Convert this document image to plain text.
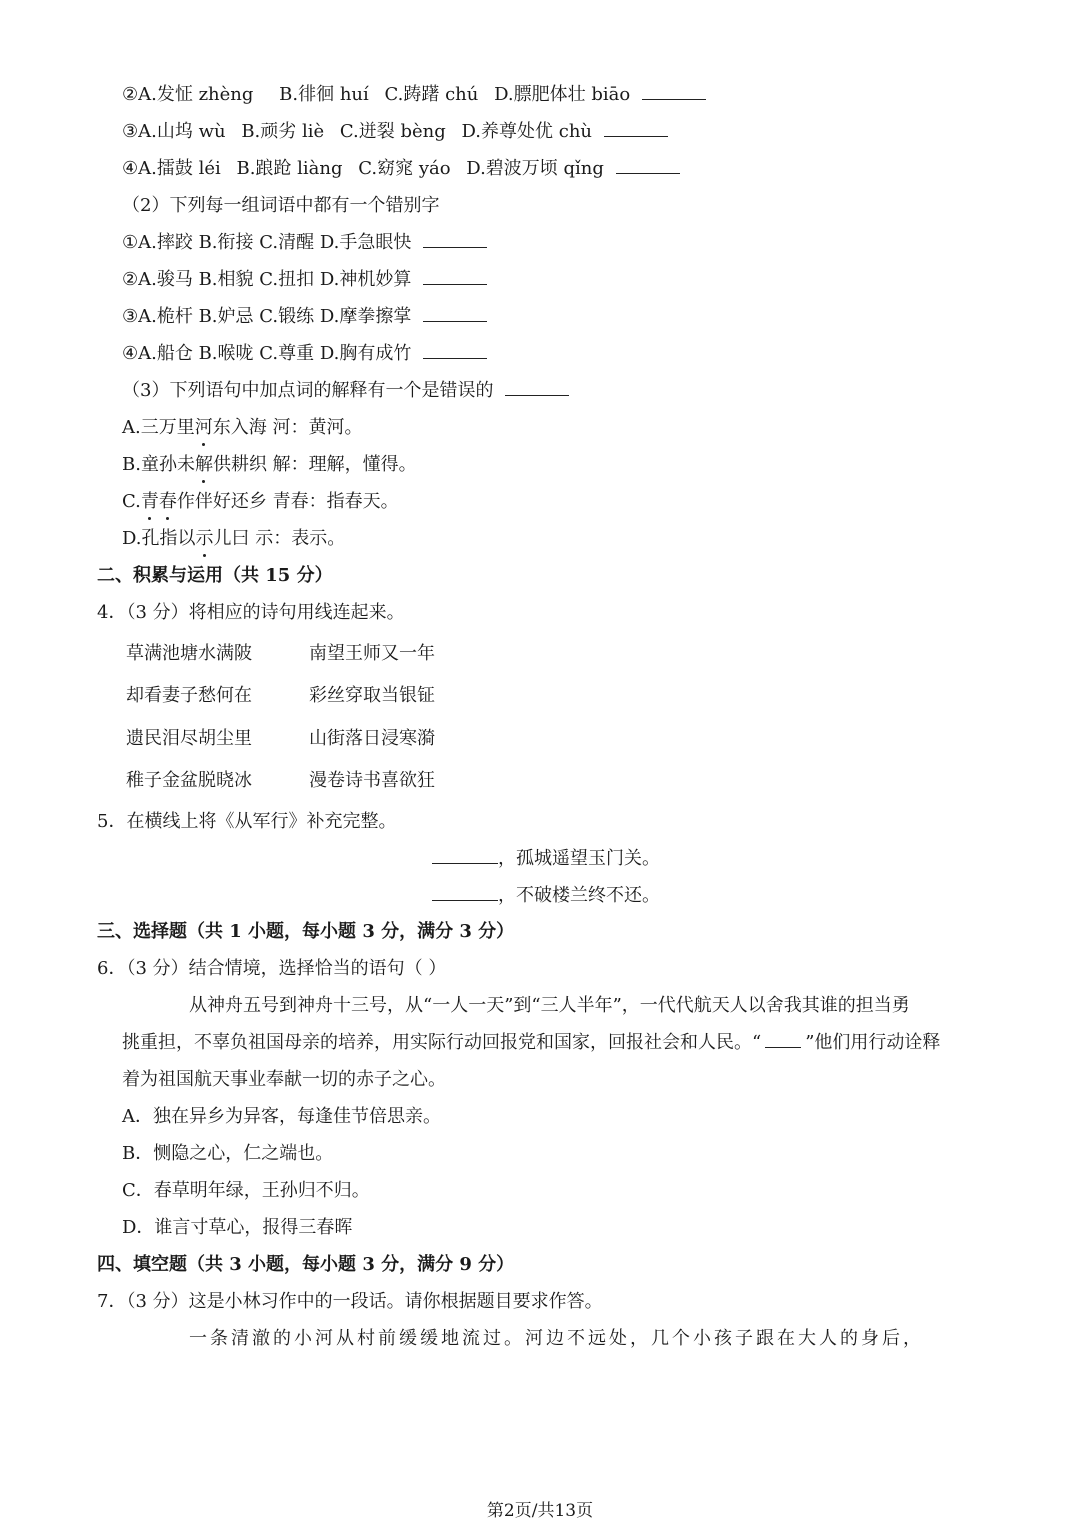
②A.发怔 zhèng B.徘徊 huí C.踌躇 chú D.膘肥体壮 biāo
③A.山坞 wù B.顽劣 liè C.迸裂 bèng D.养尊处优 chù
④A.擂鼓 léi B.踉跄 liàng C.窈窕 yáo D.碧波万顷 qǐng
（2）下列每一组词语中都有一个错别字
①A.摔跤 B.衔接 C.清醒 D.手急眼快
②A.骏马 B.相貌 C.扭扣 D.神机妙算
③A.桅杆 B.妒忌 C.锻练 D.摩拳擦掌
④A.船仓 B.喉咙 C.尊重 D.胸有成竹
（3）下列语句中加点词的解释有一个是错误的
A.三万里河东入海 河：黄河。
B.童孙未解供耕织 解：理解，懂得。
C.青春作伴好还乡 青春：指春天。
D.孔指以示儿曰 示：表示。
二、积累与运用（共 15 分）
4．（3 分）将相应的诗句用线连起来。
草满池塘水满陂	南望王师又一年
却看妻子愁何在	彩丝穿取当银钲
遗民泪尽胡尘里	山街落日浸寒漪
稚子金盆脱晓冰	漫卷诗书喜欲狂
5．在横线上将《从军行》补充完整。
，孤城遥望玉门关。
，不破楼兰终不还。
三、选择题（共 1 小题，每小题 3 分，满分 3 分）
6．（3 分）结合情境，选择恰当的语句（ ）
从神舟五号到神舟十三号，从“一人一天”到“三人半年”，一代代航天人以舍我其谁的担当勇
挑重担，不辜负祖国母亲的培养，用实际行动回报党和国家，回报社会和人民。“ ”他们用行动诠释
着为祖国航天事业奉献一切的赤子之心。
A．独在异乡为异客，每逢佳节倍思亲。
B．恻隐之心，仁之端也。
C．春草明年绿，王孙归不归。
D．谁言寸草心，报得三春晖
四、填空题（共 3 小题，每小题 3 分，满分 9 分）
7．（3 分）这是小林习作中的一段话。请你根据题目要求作答。
一条清澈的小河从村前缓缓地流过。河边不远处，几个小孩子跟在大人的身后，
第2页/共13页
